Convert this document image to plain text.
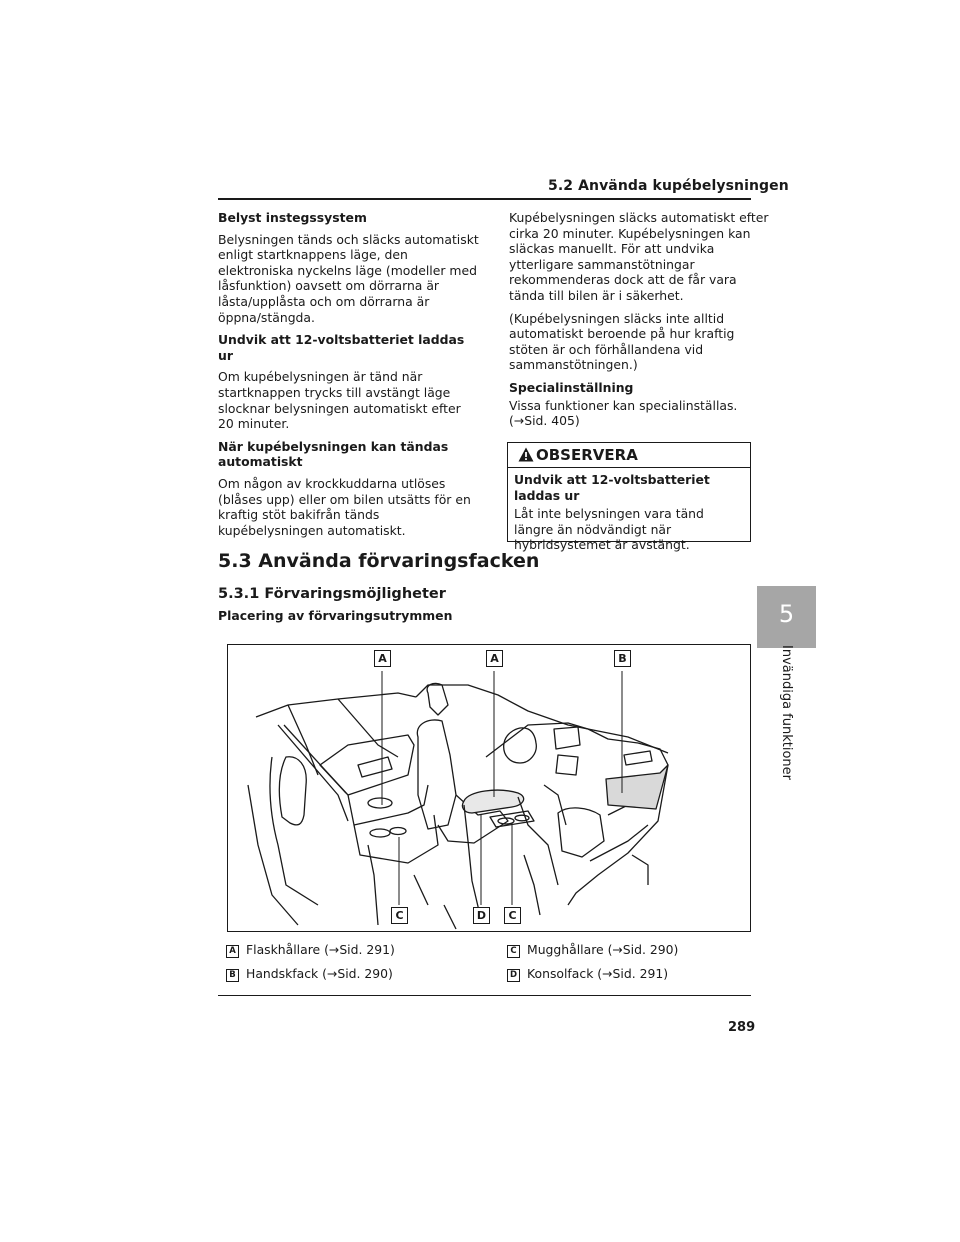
5.2 Använda kupébelysningen
Belyst instegssystem

Belysningen tänds och släcks automatiskt enligt startknappens läge, den elektroniska nyckelns läge (modeller med låsfunktion) oavsett om dörrarna är låsta/upplåsta och om dörrarna är öppna/stängda.

Undvik att 12-voltsbatteriet laddas ur

Om kupébelysningen är tänd när startknappen trycks till avstängt läge slocknar belysningen automatiskt efter 20 minuter.

När kupébelysningen kan tändas automatiskt

Om någon av krockkuddarna utlöses (blåses upp) eller om bilen utsätts för en kraftig stöt bakifrån tänds kupébelysningen automatiskt.

Kupébelysningen släcks automatiskt efter cirka 20 minuter. Kupébelysningen kan släckas manuellt. För att undvika ytterligare sammanstötningar rekommenderas dock att de får vara tända till bilen är i säkerhet.

(Kupébelysningen släcks inte alltid automatiskt beroende på hur kraftig stöten är och förhållandena vid sammanstötningen.)

Specialinställning

Vissa funktioner kan specialinställas. (→Sid. 405)

OBSERVERA
Undvik att 12-voltsbatteriet laddas ur

Låt inte belysningen vara tänd längre än nödvändigt när hybridsystemet är avstängt.

5.3 Använda förvaringsfacken
5.3.1 Förvaringsmöjligheter
Placering av förvaringsutrymmen
A	A	B
C	D	C
A Flaskhållare (→Sid. 291)
B Handskfack (→Sid. 290)
C Mugghållare (→Sid. 290)
D Konsolfack (→Sid. 291)
289
5
Invändiga funktioner
